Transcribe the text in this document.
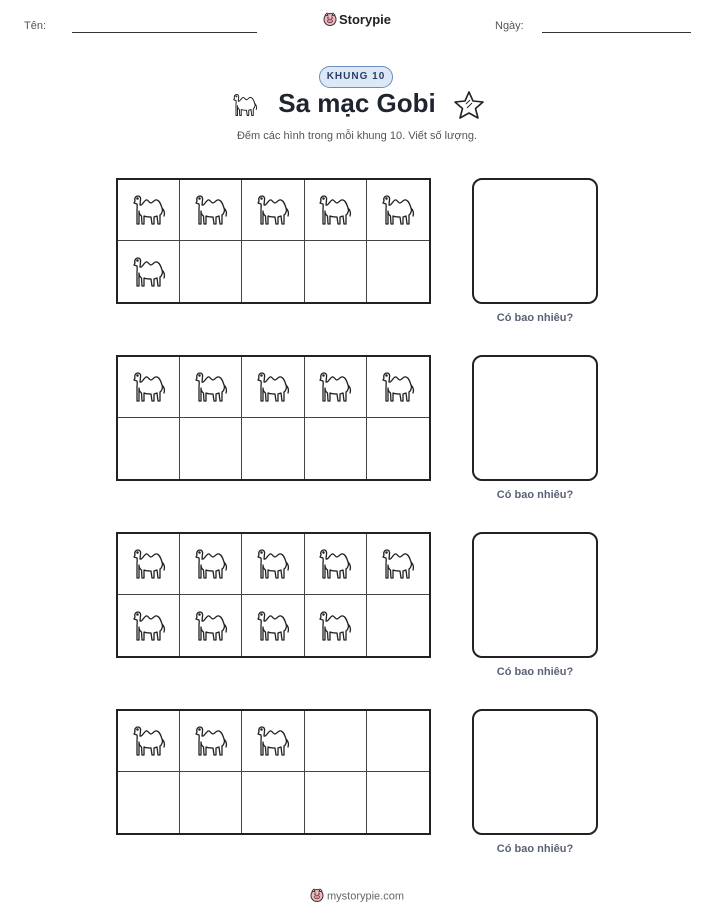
Tên:	Storypie	Ngày:
KHUNG 10
Sa mạc Gobi
Đếm các hình trong mỗi khung 10. Viết số lượng.
Có bao nhiêu?
Có bao nhiêu?
Có bao nhiêu?
Có bao nhiêu?
mystorypie.com
